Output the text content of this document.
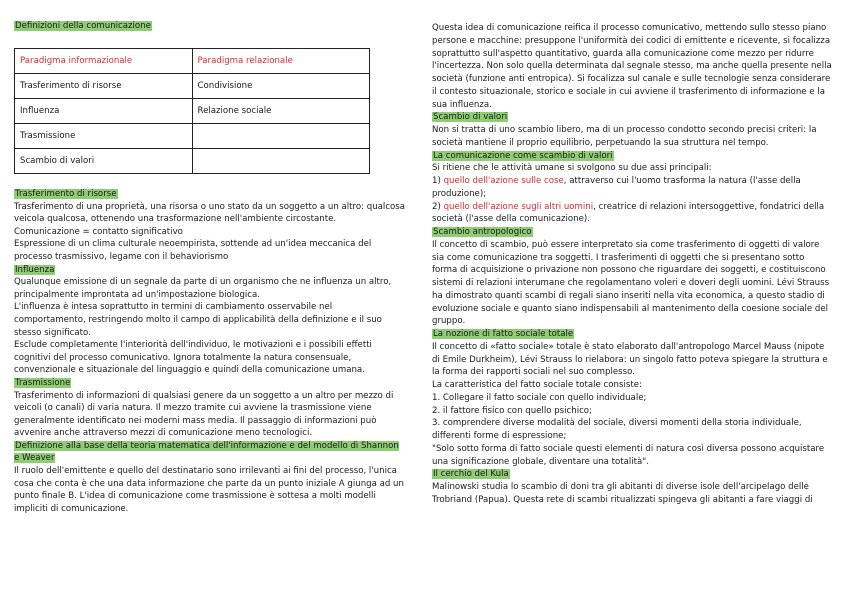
Definizioni della comunicazione
Paradigma informazionale	Paradigma relazionale
Trasferimento di risorse	Condivisione
Influenza	Relazione sociale
Trasmissione	
Scambio di valori	

Trasferimento di risorse

Trasferimento di una proprietà, una risorsa o uno stato da un soggetto a un altro: qualcosa veicola qualcosa, ottenendo una trasformazione nell'ambiente circostante.

Comunicazione = contatto significativo

Espressione di un clima culturale neoempirista, sottende ad un'idea meccanica del processo trasmissivo, legame con il behaviorismo

Influenza

Qualunque emissione di un segnale da parte di un organismo che ne influenza un altro, principalmente improntata ad un'impostazione biologica.

L'influenza è intesa soprattutto in termini di cambiamento osservabile nel comportamento, restringendo molto il campo di applicabilità della definizione e il suo stesso significato.

Esclude completamente l'interiorità dell'individuo, le motivazioni e i possibili effetti cognitivi del processo comunicativo. Ignora totalmente la natura consensuale, convenzionale e situazionale del linguaggio e quindi della comunicazione umana.

Trasmissione

Trasferimento di informazioni di qualsiasi genere da un soggetto a un altro per mezzo di veicoli (o canali) di varia natura. Il mezzo tramite cui avviene la trasmissione viene generalmente identificato nei moderni mass media. Il passaggio di informazioni può avvenire anche attraverso mezzi di comunicazione meno tecnologici.

Definizione alla base della teoria matematica dell'informazione e del modello di Shannon e Weaver

Il ruolo dell'emittente e quello del destinatario sono irrilevanti ai fini del processo, l'unica cosa che conta è che una data informazione che parte da un punto iniziale A giunga ad un punto finale B. L'idea di comunicazione come trasmissione è sottesa a molti modelli impliciti di comunicazione.

Questa idea di comunicazione reifica il processo comunicativo, mettendo sullo stesso piano persone e macchine: presuppone l'uniformità dei codici di emittente e ricevente, si focalizza soprattutto sull'aspetto quantitativo, guarda alla comunicazione come mezzo per ridurre l'incertezza. Non solo quella determinata dal segnale stesso, ma anche quella presente nella società (funzione anti entropica). Si focalizza sul canale e sulle tecnologie senza considerare il contesto situazionale, storico e sociale in cui avviene il trasferimento di informazione e la sua influenza.

Scambio di valori

Non si tratta di uno scambio libero, ma di un processo condotto secondo precisi criteri: la società mantiene il proprio equilibrio, perpetuando la sua struttura nel tempo.

La comunicazione come scambio di valori

Si ritiene che le attività umane si svolgono su due assi principali:

1) quello dell'azione sulle cose, attraverso cui l'uomo trasforma la natura (l'asse della produzione);

2) quello dell'azione sugli altri uomini, creatrice di relazioni intersoggettive, fondatrici della società (l'asse della comunicazione).

Scambio antropologico

Il concetto di scambio, può essere interpretato sia come trasferimento di oggetti di valore sia come comunicazione tra soggetti. I trasferimenti di oggetti che si presentano sotto forma di acquisizione o privazione non possono che riguardare dei soggetti, e costituiscono sistemi di relazioni interumane che regolamentano voleri e doveri degli uomini. Lévi Strauss ha dimostrato quanti scambi di regali siano inseriti nella vita economica, a questo stadio di evoluzione sociale e quanto siano indispensabili al mantenimento della coesione sociale del gruppo.

La nozione di fatto sociale totale

Il concetto di «fatto sociale» totale è stato elaborato dall'antropologo Marcel Mauss (nipote di Emile Durkheim), Lévi Strauss lo rielabora: un singolo fatto poteva spiegare la struttura e la forma dei rapporti sociali nel suo complesso.

La caratteristica del fatto sociale totale consiste:

1. Collegare il fatto sociale con quello individuale;

2. il fattore fisico con quello psichico;

3. comprendere diverse modalità del sociale, diversi momenti della storia individuale, differenti forme di espressione;

"Solo sotto forma di fatto sociale questi elementi di natura così diversa possono acquistare una significazione globale, diventare una totalità".

Il cerchio del Kula

Malinowski studia lo scambio di doni tra gli abitanti di diverse isole dell'arcipelago delle Trobriand (Papua). Questa rete di scambi ritualizzati spingeva gli abitanti a fare viaggi di
